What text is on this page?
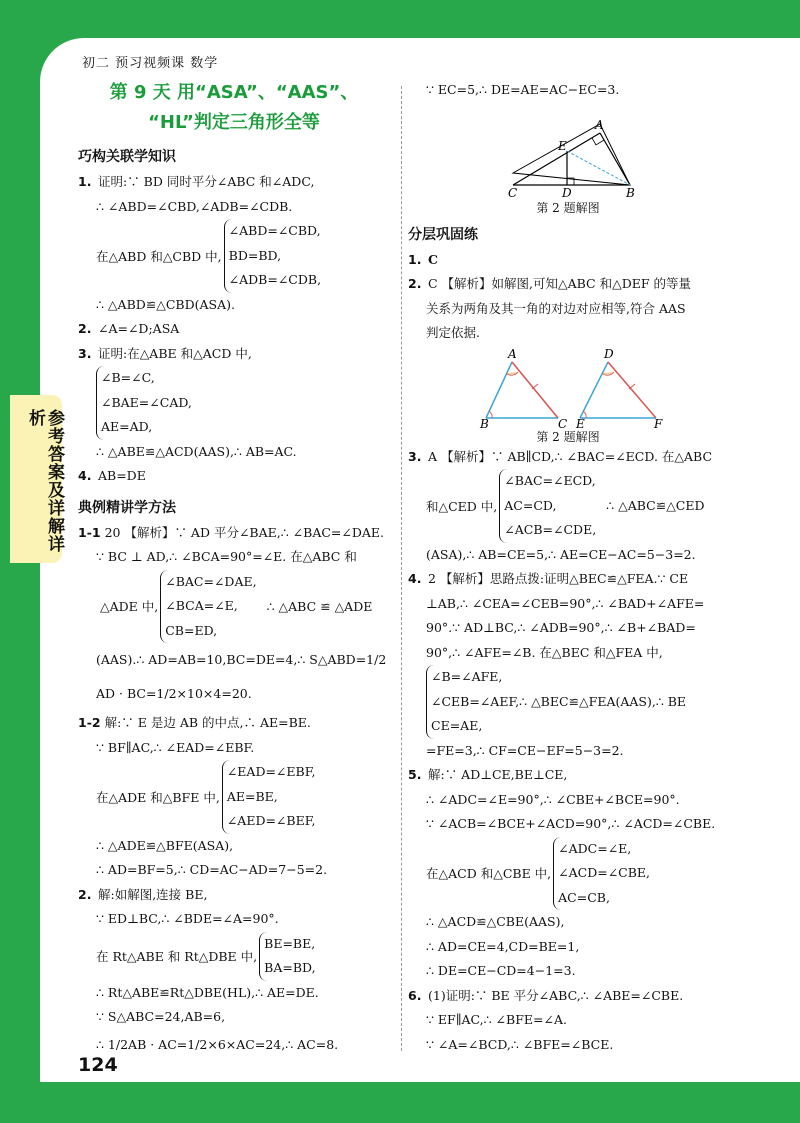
初二 预习视频课 数学
参考答案及详解详析
第 9 天 用“ASA”、“AAS”、
“HL”判定三角形全等
巧构关联学知识
1. 证明:∵ BD 同时平分∠ABC 和∠ADC,
∴ ∠ABD=∠CBD,∠ADB=∠CDB.
在△ABD 和△CBD 中,
∠ABD=∠CBD,
BD=BD,
∠ADB=∠CDB,
∴ △ABD≌△CBD(ASA).
2. ∠A=∠D;ASA
3. 证明:在△ABE 和△ACD 中,
∠B=∠C,
∠BAE=∠CAD,
AE=AD,
∴ △ABE≌△ACD(AAS),∴ AB=AC.
4. AB=DE
典例精讲学方法
1-1 20 【解析】∵ AD 平分∠BAE,∴ ∠BAC=∠DAE.
∵ BC ⊥ AD,∴ ∠BCA=90°=∠E. 在△ABC 和
△ADE 中,
∠BAC=∠DAE,
∠BCA=∠E,
CB=ED,
∴ △ABC ≌ △ADE
(AAS).∴ AD=AB=10,BC=DE=4,∴ S△ABD=1/2
AD · BC=1/2×10×4=20.
1-2 解:∵ E 是边 AB 的中点,∴ AE=BE.
∵ BF∥AC,∴ ∠EAD=∠EBF.
在△ADE 和△BFE 中,
∠EAD=∠EBF,
AE=BE,
∠AED=∠BEF,
∴ △ADE≌△BFE(ASA),
∴ AD=BF=5,∴ CD=AC−AD=7−5=2.
2. 解:如解图,连接 BE,
∵ ED⊥BC,∴ ∠BDE=∠A=90°.
在 Rt△ABE 和 Rt△DBE 中,
BE=BE,
BA=BD,
∴ Rt△ABE≌Rt△DBE(HL),∴ AE=DE.
∵ S△ABC=24,AB=6,
∴ 1/2AB · AC=1/2×6×AC=24,∴ AC=8.
∵ EC=5,∴ DE=AE=AC−EC=3.
A
E
C	D	B
第 2 题解图
分层巩固练
1. C
2. C 【解析】如解图,可知△ABC 和△DEF 的等量
关系为两角及其一角的对边对应相等,符合 AAS
判定依据.
A
B	C
D
E	F
第 2 题解图
3. A 【解析】∵ AB∥CD,∴ ∠BAC=∠ECD. 在△ABC
和△CED 中,
∠BAC=∠ECD,
AC=CD,
∠ACB=∠CDE,
∴ △ABC≌△CED
(ASA),∴ AB=CE=5,∴ AE=CE−AC=5−3=2.
4. 2 【解析】思路点拨:证明△BEC≌△FEA.∵ CE
⊥AB,∴ ∠CEA=∠CEB=90°,∴ ∠BAD+∠AFE=
90°.∵ AD⊥BC,∴ ∠ADB=90°,∴ ∠B+∠BAD=
90°,∴ ∠AFE=∠B. 在△BEC 和△FEA 中,
∠B=∠AFE,
∠CEB=∠AEF,∴ △BEC≌△FEA(AAS),∴ BE
CE=AE,
=FE=3,∴ CF=CE−EF=5−3=2.
5. 解:∵ AD⊥CE,BE⊥CE,
∴ ∠ADC=∠E=90°,∴ ∠CBE+∠BCE=90°.
∵ ∠ACB=∠BCE+∠ACD=90°,∴ ∠ACD=∠CBE.
在△ACD 和△CBE 中,
∠ADC=∠E,
∠ACD=∠CBE,
AC=CB,
∴ △ACD≌△CBE(AAS),
∴ AD=CE=4,CD=BE=1,
∴ DE=CE−CD=4−1=3.
6. (1)证明:∵ BE 平分∠ABC,∴ ∠ABE=∠CBE.
∵ EF∥AC,∴ ∠BFE=∠A.
∵ ∠A=∠BCD,∴ ∠BFE=∠BCE.
124
